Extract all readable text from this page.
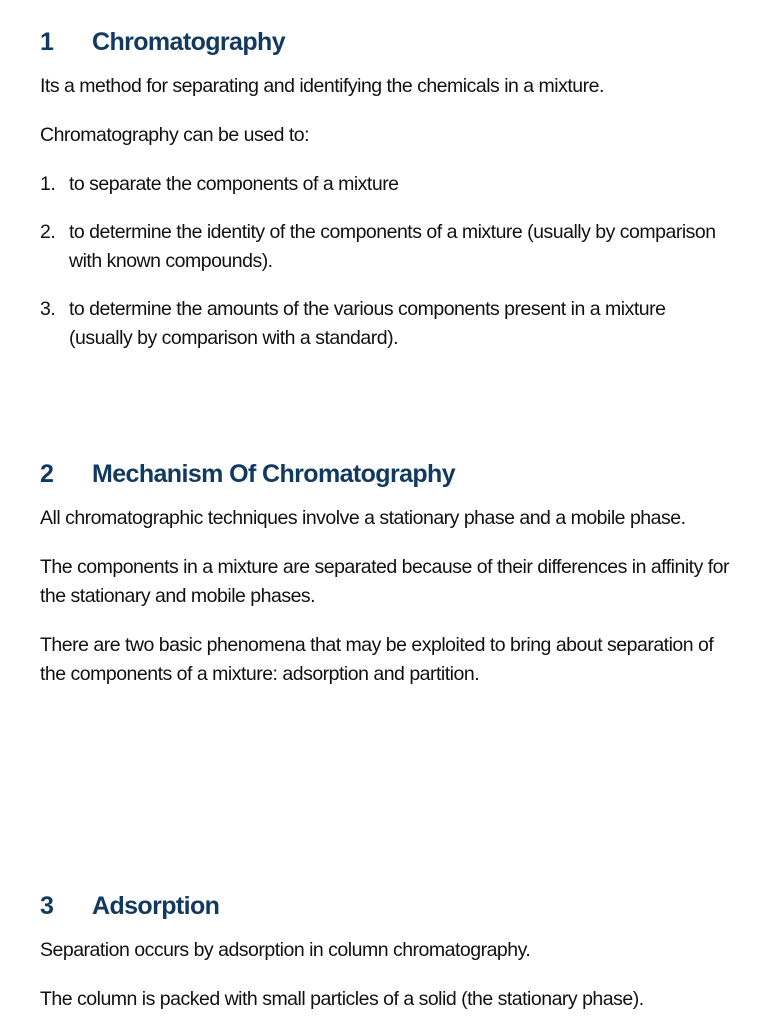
1	Chromatography

Its a method for separating and identifying the chemicals in a mixture.

Chromatography can be used to:

1. to separate the components of a mixture
2. to determine the identity of the components of a mixture (usually by comparison with known compounds).
3. to determine the amounts of the various components present in a mixture (usually by comparison with a standard).
2	Mechanism Of Chromatography

All chromatographic techniques involve a stationary phase and a mobile phase.

The components in a mixture are separated because of their differences in affinity for the stationary and mobile phases.

There are two basic phenomena that may be exploited to bring about separation of the components of a mixture: adsorption and partition.

3	Adsorption

Separation occurs by adsorption in column chromatography.

The column is packed with small particles of a solid (the stationary phase).
